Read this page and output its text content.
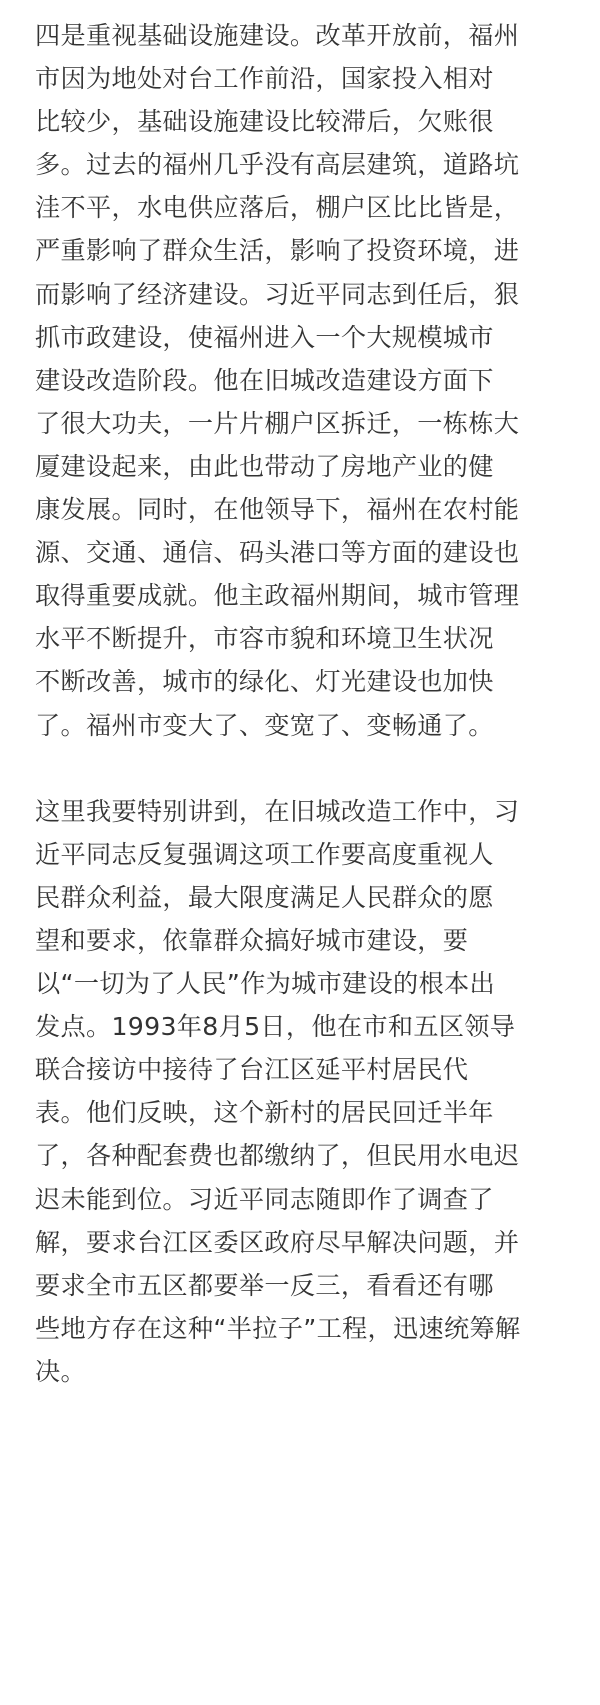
四是重视基础设施建设。改革开放前，福州
市因为地处对台工作前沿，国家投入相对
比较少，基础设施建设比较滞后，欠账很
多。过去的福州几乎没有高层建筑，道路坑
洼不平，水电供应落后，棚户区比比皆是，
严重影响了群众生活，影响了投资环境，进
而影响了经济建设。习近平同志到任后，狠
抓市政建设，使福州进入一个大规模城市
建设改造阶段。他在旧城改造建设方面下
了很大功夫，一片片棚户区拆迁，一栋栋大
厦建设起来，由此也带动了房地产业的健
康发展。同时，在他领导下，福州在农村能
源、交通、通信、码头港口等方面的建设也
取得重要成就。他主政福州期间，城市管理
水平不断提升，市容市貌和环境卫生状况
不断改善，城市的绿化、灯光建设也加快
了。福州市变大了、变宽了、变畅通了。
这里我要特别讲到，在旧城改造工作中，习
近平同志反复强调这项工作要高度重视人
民群众利益，最大限度满足人民群众的愿
望和要求，依靠群众搞好城市建设，要
以“一切为了人民”作为城市建设的根本出
发点。1993年8月5日，他在市和五区领导
联合接访中接待了台江区延平村居民代
表。他们反映，这个新村的居民回迁半年
了，各种配套费也都缴纳了，但民用水电迟
迟未能到位。习近平同志随即作了调查了
解，要求台江区委区政府尽早解决问题，并
要求全市五区都要举一反三，看看还有哪
些地方存在这种“半拉子”工程，迅速统筹解
决。
